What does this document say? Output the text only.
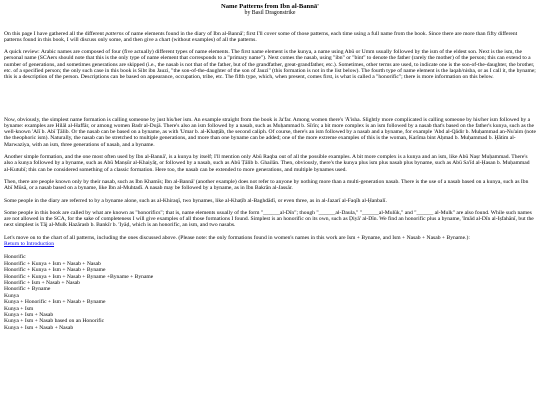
Name Patterns from Ibn al-Bannā'
by Basil Dragonstrike

On this page I have gathered all the different patterns of name elements found in the diary of Ibn al-Bannā'; first I'll cover some of those patterns, each time using a full name from the book. Since there are more than fifty different patterns found in this book, I will discuss only some, and then give a chart (without examples) of all the patterns.

A quick review: Arabic names are composed of four (five actually) different types of name elements. The first name element is the kunya, a name using Abū or Umm usually followed by the ism of the eldest son. Next is the ism, the personal name (SCAers should note that this is the only type of name element that corresponds to a "primary name"). Next comes the nasab, using "ibn" or "bint" to denote the father (rarely the mother) of the person; this can extend to a number of generations, and sometimes generations are skipped (i.e., the nasab is not that of the father, but of the grandfather, great-grandfather, etc.). Sometimes, other terms are used, to indicate one is the son-of-the-daughter, the brother, etc. of a specified person; the only such case in this book is Sibt ibn Jauzi, "the son-of-the-daughter of the son of Jauzi" (this formation is not in the list below). The fourth type of name element is the laqab/nisba, or as I call it, the byname; this is a description of the person. Descriptions can be based on appearance, occupation, tribe, etc. The fifth type, which, when present, comes first, is what is called a "honorific"; there is more information on this below.

Now, obviously, the simplest name formation is calling someone by just his/her ism. An example straight from the book is Ja'far. Among women there's 'Ā'isha. Slightly more complicated is calling someone by his/her ism followed by a byname: examples are Hilāl al-Haffār, or among women Badr al-Dujā. There's also an ism followed by a nasab, such as Muḥammad b. Sīrīn; a bit more complex is an ism followed by a nasab that's based on the father's kunya, such as the well-known 'Alī b. Abī Ṭālib. Or the nasab can be based on a byname, as with 'Umar b. al-Khaṭṭāb, the second caliph. Of course, there's an ism followed by a nasab and a byname, for example 'Abd al-Qādir b. Muḥammad an-Nu'aim (note the theophoric ism). Naturally, the nasab can be stretched to multiple generations, and more than one byname can be added; one of the more extreme examples of this is the woman, Karīma bint Aḥmad b. Muḥammad b. Ḥātim al-Marwaziya, with an ism, three generations of nasab, and a byname.

Another simple formation, and the one most often used by Ibn al-Bannā', is a kunya by itself; I'll mention only Abū Raqba out of all the possible examples. A bit more complex is a kunya and an ism, like Abū Naṣr Muḥammad. There's also a kunya followed by a byname, such as Abū Manṣūr al-Khaiyāṭ, or followed by a nasab, such as Abū Ṭālib b. Ghailān. Then, obviously, there's the kunya plus ism plus nasab plus byname, such as Abū Sa'īd al-Ḥasan b. Muḥammad al-Kutubī; this can be considered something of a classic formation. Here too, the nasab can be extended to more generations, and multiple bynames used.

Then, there are people known only by their nasab, such as Ibn Khamīs; Ibn al-Bannā' (another example) does not refer to anyone by nothing more than a multi-generation nasab. There is the use of a nasab based on a kunya, such as Ibn Abī Mūsā, or a nasab based on a byname, like Ibn al-Muhtadī. A nasab may be followed by a byname, as in Ibn Bakrān al-Jassār.

Some people in the diary are referred to by a byname alone, such as al-Khiraqī, two bynames, like al-Khaṭīb al-Baghdādī, or even three, as in al-Jazarī al-Faqīh al-Ḥanbalī.

Some people in this book are called by what are known as "honorifics"; that is, name elements usually of the form "______al-Dīn"; though "______al-Daula," "______al-Mulūk," and "______ al-Mulk" are also found. While such names are not allowed in the SCA, for the sake of completeness I will give examples of all those formations I found. Simplest is an honorific on its own, such as Ḍiyā' al-Dīn. We find an honorific plus a byname, 'Imād al-Dīn al-Iṣfahānī, but the next simplest is Tāj al-Mulk Hazārasb b. Bankīr b. 'Iyāḍ, which is an honorific, an ism, and two nasabs.

Let's move on to the chart of all patterns, including the ones discussed above. (Please note: the only formations found in women's names in this work are Ism + Byname, and Ism + Nasab + Nasab + Byname.):
Return to Introduction
Honorific
Honorific + Kunya + Ism + Nasab + Nasab
Honorific + Kunya + Ism + Nasab + Byname
Honorific + Kunya + Ism + Nasab + Byname +Byname + Byname
Honorific + Ism + Nasab + Nasab
Honorific + Byname
Kunya
Kunya + Honorific + Ism + Nasab + Byname
Kunya + Ism
Kunya + Ism + Nasab
Kunya + Ism + Nasab based on an Honorific
Kunya + Ism + Nasab + Nasab
